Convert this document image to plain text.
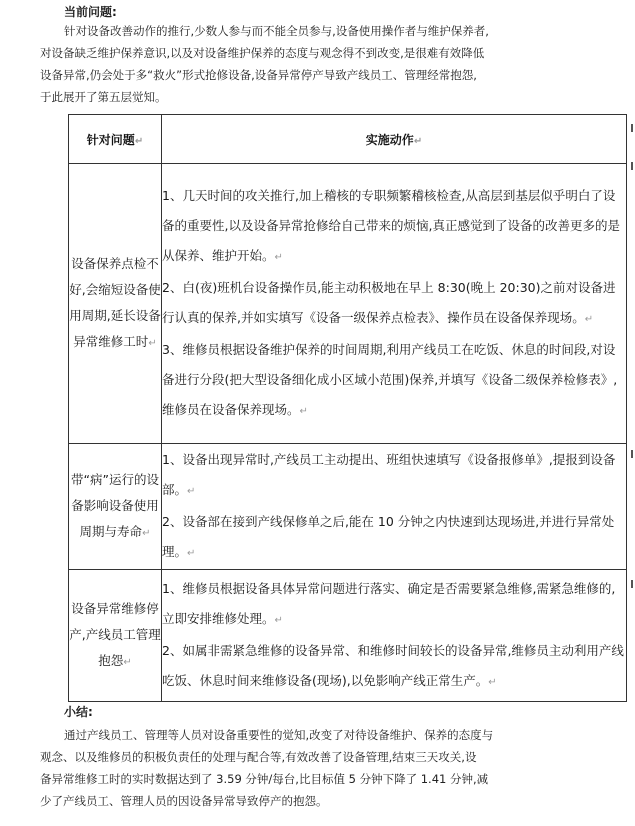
当前问题:

针对设备改善动作的推行,少数人参与而不能全员参与,设备使用操作者与维护保养者,

对设备缺乏维护保养意识,以及对设备维护保养的态度与观念得不到改变,是很难有效降低

设备异常,仍会处于多“救火”形式抢修设备,设备异常停产导致产线员工、管理经常抱怨,

于此展开了第五层觉知。

针对问题↵	实施动作↵
设备保养点检不好,会缩短设备使用周期,延长设备异常维修工时↵	1、几天时间的攻关推行,加上稽核的专职频繁稽核检查,从高层到基层似乎明白了设备的重要性,以及设备异常抢修给自己带来的烦恼,真正感觉到了设备的改善更多的是从保养、维护开始。↵

2、白(夜)班机台设备操作员,能主动积极地在早上 8:30(晚上 20:30)之前对设备进行认真的保养,并如实填写《设备一级保养点检表》、操作员在设备保养现场。↵

3、维修员根据设备维护保养的时间周期,利用产线员工在吃饭、休息的时间段,对设备进行分段(把大型设备细化成小区域小范围)保养,并填写《设备二级保养检修表》,维修员在设备保养现场。↵

带“病”运行的设备影响设备使用周期与寿命↵	1、设备出现异常时,产线员工主动提出、班组快速填写《设备报修单》,提报到设备部。↵

2、设备部在接到产线保修单之后,能在 10 分钟之内快速到达现场进,并进行异常处理。↵

设备异常维修停产,产线员工管理抱怨↵	1、维修员根据设备具体异常问题进行落实、确定是否需要紧急维修,需紧急维修的,立即安排维修处理。↵

2、如属非需紧急维修的设备异常、和维修时间较长的设备异常,维修员主动利用产线吃饭、休息时间来维修设备(现场),以免影响产线正常生产。↵

小结:

通过产线员工、管理等人员对设备重要性的觉知,改变了对待设备维护、保养的态度与

观念、以及维修员的积极负责任的处理与配合等,有效改善了设备管理,结束三天攻关,设

备异常维修工时的实时数据达到了 3.59 分钟/每台,比目标值 5 分钟下降了 1.41 分钟,减

少了产线员工、管理人员的因设备异常导致停产的抱怨。
